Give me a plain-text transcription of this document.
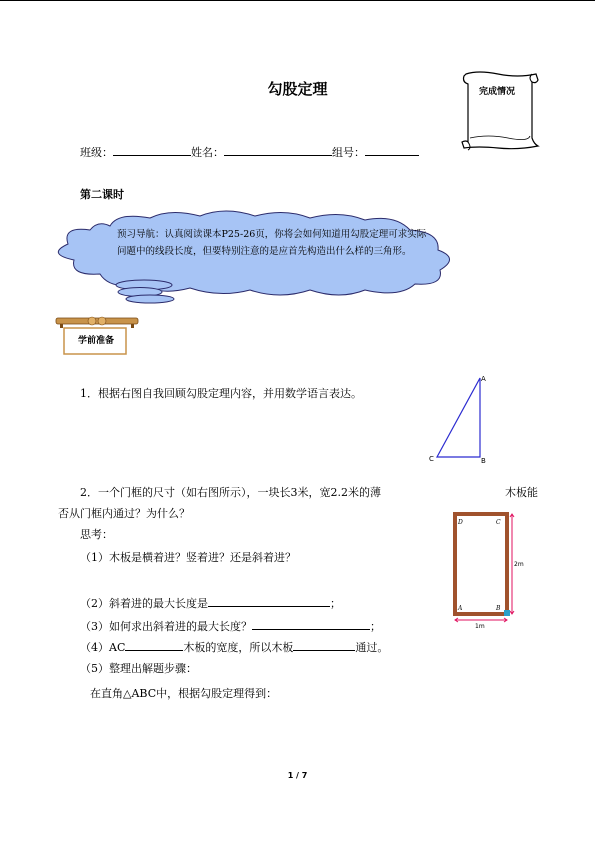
勾股定理	完成情况
班级：	姓名：	组号：
第二课时
预习导航：认真阅读课本P25-26页，你将会如何知道用勾股定理可求实际问题中的线段长度，但要特别注意的是应首先构造出什么样的三角形。
学前准备
1．根据右图自我回顾勾股定理内容，并用数学语言表达。
A
B
C
2．一个门框的尺寸（如右图所示），一块长3米，宽2.2米的薄	木板能
否从门框内通过？为什么？
思考：
（1）木板是横着进？竖着进？还是斜着进？
（2）斜着进的最大长度是	；
（3）如何求出斜着进的最大长度？	；
（4）AC	木板的宽度，所以木板	通过。
（5）整理出解题步骤：
在直角△ABC中，根据勾股定理得到：
D	C
A	B
2m
1m
1 / 7
